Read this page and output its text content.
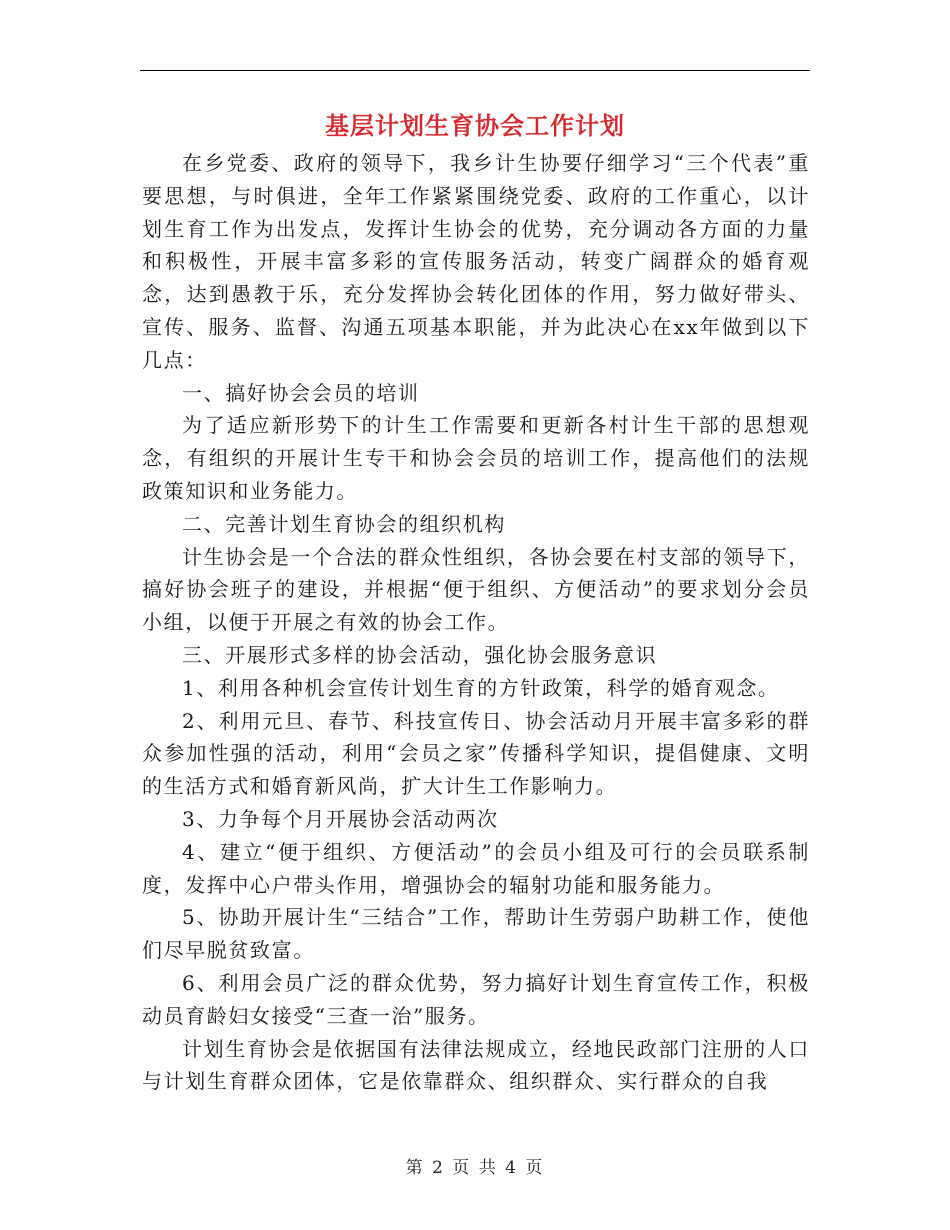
基层计划生育协会工作计划

在乡党委、政府的领导下，我乡计生协要仔细学习“三个代表”重要思想，与时俱进，全年工作紧紧围绕党委、政府的工作重心，以计划生育工作为出发点，发挥计生协会的优势，充分调动各方面的力量和积极性，开展丰富多彩的宣传服务活动，转变广阔群众的婚育观念，达到愚教于乐，充分发挥协会转化团体的作用，努力做好带头、宣传、服务、监督、沟通五项基本职能，并为此决心在xx年做到以下几点：

一、搞好协会会员的培训

为了适应新形势下的计生工作需要和更新各村计生干部的思想观念，有组织的开展计生专干和协会会员的培训工作，提高他们的法规政策知识和业务能力。

二、完善计划生育协会的组织机构

计生协会是一个合法的群众性组织，各协会要在村支部的领导下，搞好协会班子的建设，并根据“便于组织、方便活动”的要求划分会员小组，以便于开展之有效的协会工作。

三、开展形式多样的协会活动，强化协会服务意识

1、利用各种机会宣传计划生育的方针政策，科学的婚育观念。

2、利用元旦、春节、科技宣传日、协会活动月开展丰富多彩的群众参加性强的活动，利用“会员之家”传播科学知识，提倡健康、文明的生活方式和婚育新风尚，扩大计生工作影响力。

3、力争每个月开展协会活动两次

4、建立“便于组织、方便活动”的会员小组及可行的会员联系制度，发挥中心户带头作用，增强协会的辐射功能和服务能力。

5、协助开展计生“三结合”工作，帮助计生劳弱户助耕工作，使他们尽早脱贫致富。

6、利用会员广泛的群众优势，努力搞好计划生育宣传工作，积极动员育龄妇女接受“三查一治”服务。

计划生育协会是依据国有法律法规成立，经地民政部门注册的人口与计划生育群众团体，它是依靠群众、组织群众、实行群众的自我

第 2 页 共 4 页
